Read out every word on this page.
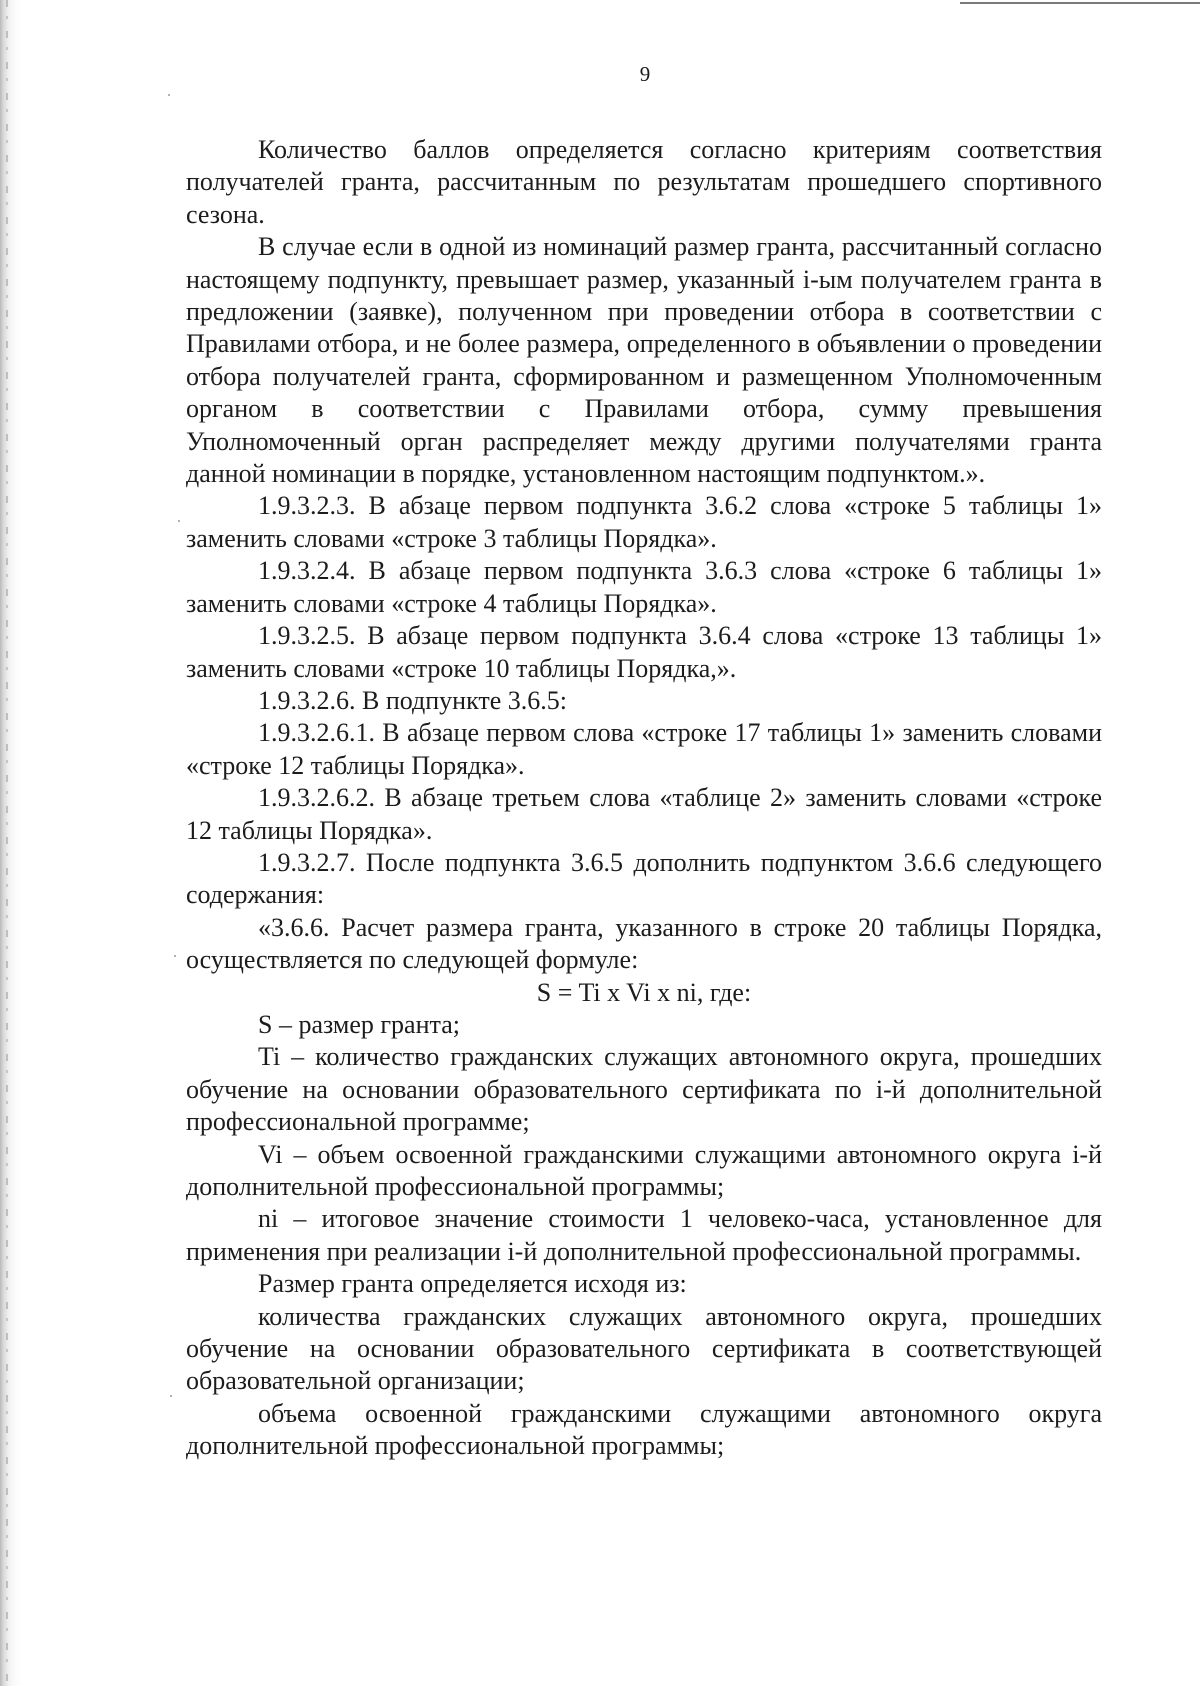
9

Количество баллов определяется согласно критериям соответствия получателей гранта, рассчитанным по результатам прошедшего спортивного сезона.

В случае если в одной из номинаций размер гранта, рассчитанный согласно настоящему подпункту, превышает размер, указанный i-ым получателем гранта в предложении (заявке), полученном при проведении отбора в соответствии с Правилами отбора, и не более размера, определенного в объявлении о проведении отбора получателей гранта, сформированном и размещенном Уполномоченным органом в соответствии с Правилами отбора, сумму превышения Уполномоченный орган распределяет между другими получателями гранта данной номинации в порядке, установленном настоящим подпунктом.».

1.9.3.2.3. В абзаце первом подпункта 3.6.2 слова «строке 5 таблицы 1» заменить словами «строке 3 таблицы Порядка».

1.9.3.2.4. В абзаце первом подпункта 3.6.3 слова «строке 6 таблицы 1» заменить словами «строке 4 таблицы Порядка».

1.9.3.2.5. В абзаце первом подпункта 3.6.4 слова «строке 13 таблицы 1» заменить словами «строке 10 таблицы Порядка,».

1.9.3.2.6. В подпункте 3.6.5:

1.9.3.2.6.1. В абзаце первом слова «строке 17 таблицы 1» заменить словами «строке 12 таблицы Порядка».

1.9.3.2.6.2. В абзаце третьем слова «таблице 2» заменить словами «строке 12 таблицы Порядка».

1.9.3.2.7. После подпункта 3.6.5 дополнить подпунктом 3.6.6 следующего содержания:

«3.6.6. Расчет размера гранта, указанного в строке 20 таблицы Порядка, осуществляется по следующей формуле:

S = Ti x Vi x ni, где:

S – размер гранта;

Ti – количество гражданских служащих автономного округа, прошедших обучение на основании образовательного сертификата по i-й дополнительной профессиональной программе;

Vi – объем освоенной гражданскими служащими автономного округа i-й дополнительной профессиональной программы;

ni – итоговое значение стоимости 1 человеко-часа, установленное для применения при реализации i-й дополнительной профессиональной программы.

Размер гранта определяется исходя из:

количества гражданских служащих автономного округа, прошедших обучение на основании образовательного сертификата в соответствующей образовательной организации;

объема освоенной гражданскими служащими автономного округа дополнительной профессиональной программы;
